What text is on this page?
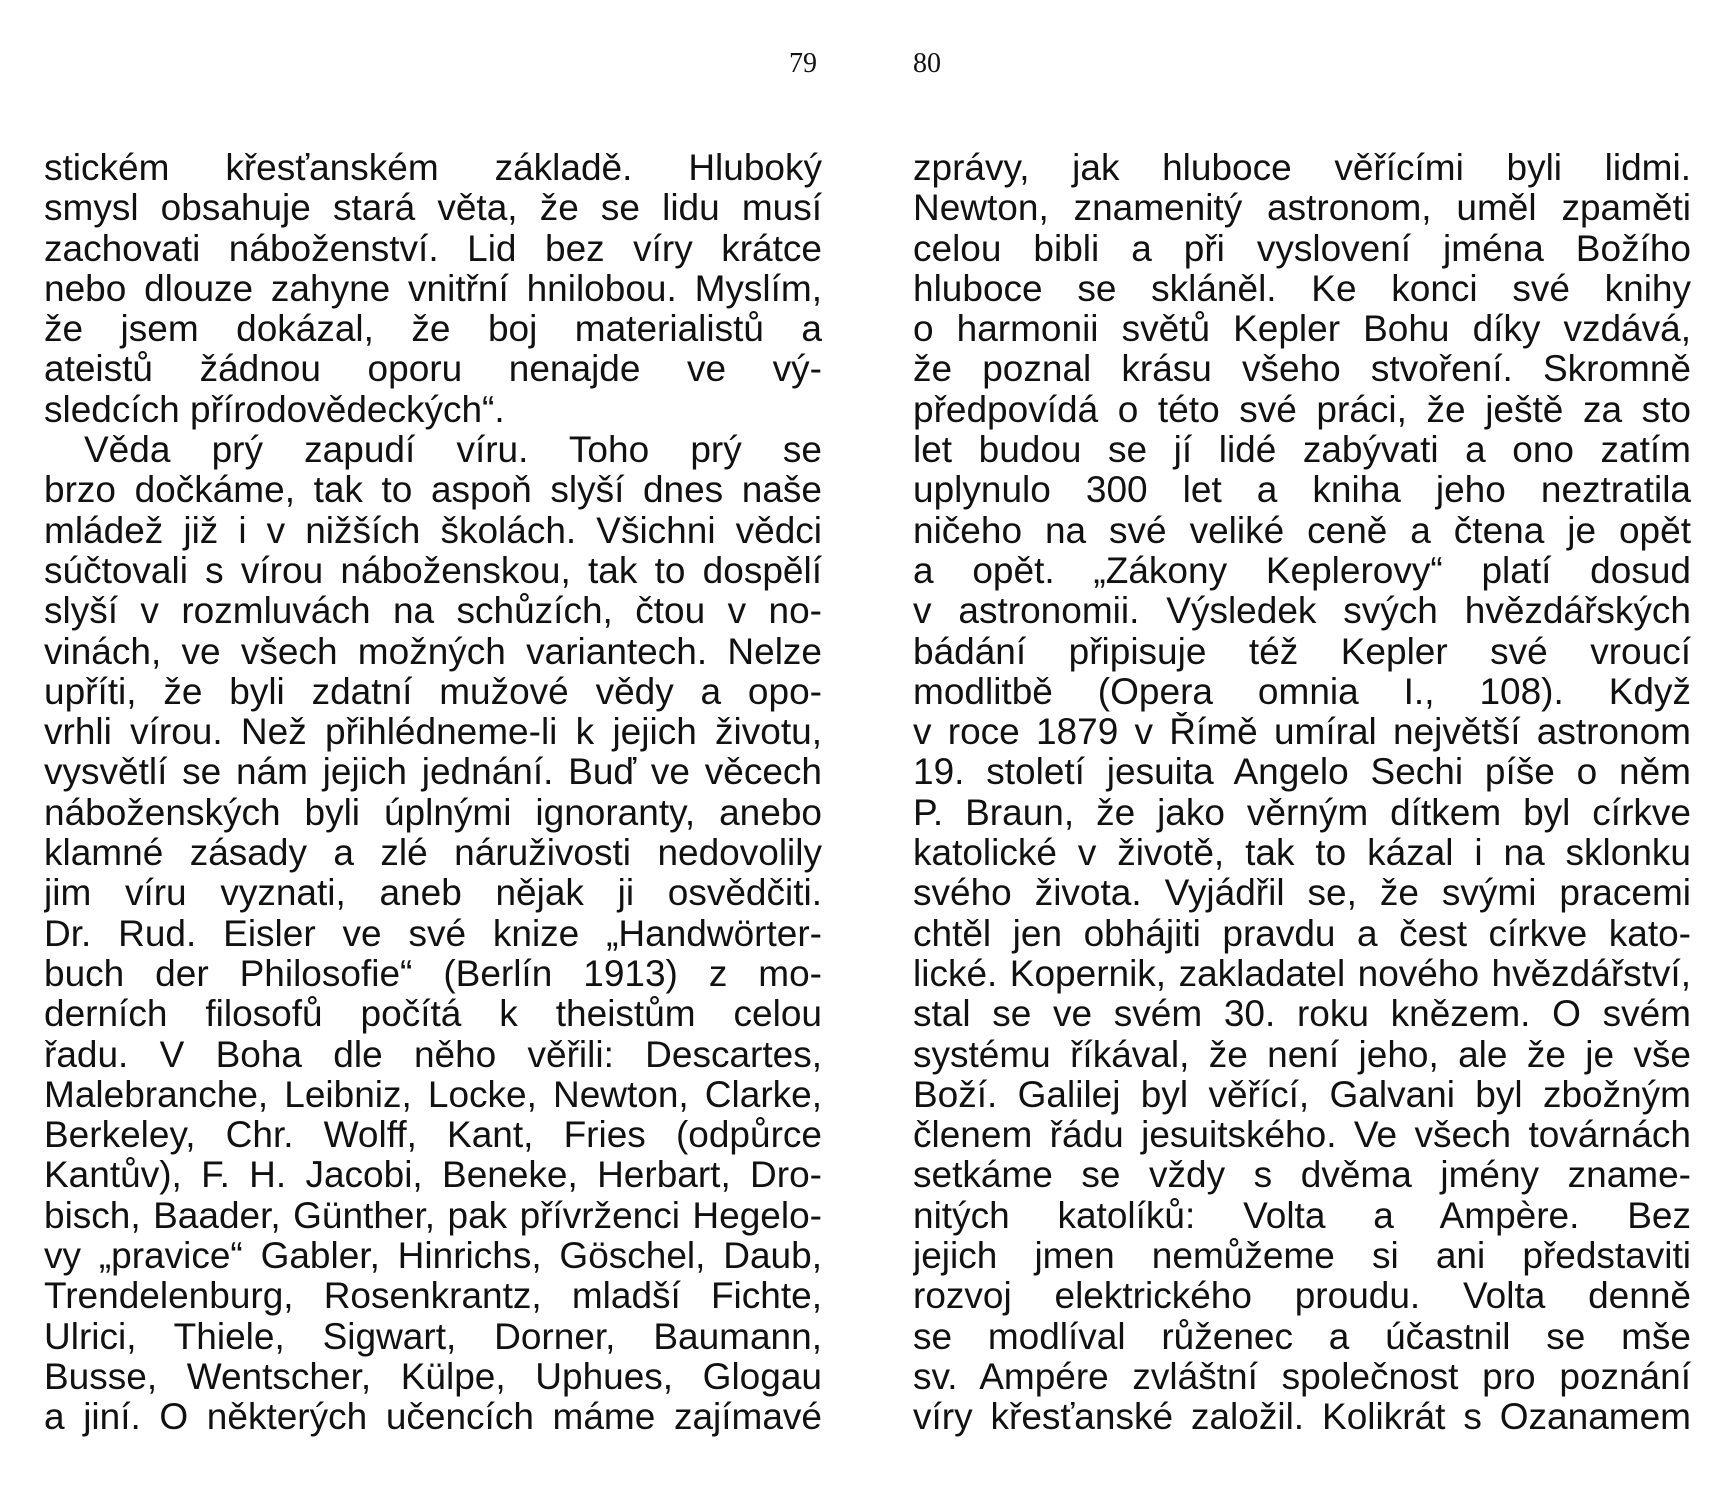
79	80
stickém křesťanském základě. Hluboký
smysl obsahuje stará věta, že se lidu musí
zachovati náboženství. Lid bez víry krátce
nebo dlouze zahyne vnitřní hnilobou. Myslím,
že jsem dokázal, že boj materialistů a
ateistů žádnou oporu nenajde ve vý-
sledcích přírodovědeckých“.
Věda prý zapudí víru. Toho prý se
brzo dočkáme, tak to aspoň slyší dnes naše
mládež již i v nižších školách. Všichni vědci
súčtovali s vírou náboženskou, tak to dospělí
slyší v rozmluvách na schůzích, čtou v no-
vinách, ve všech možných variantech. Nelze
upříti, že byli zdatní mužové vědy a opo-
vrhli vírou. Než přihlédneme-li k jejich životu,
vysvětlí se nám jejich jednání. Buď ve věcech
náboženských byli úplnými ignoranty, anebo
klamné zásady a zlé náruživosti nedovolily
jim víru vyznati, aneb nějak ji osvědčiti.
Dr. Rud. Eisler ve své knize „Handwörter-
buch der Philosofie“ (Berlín 1913) z mo-
derních filosofů počítá k theistům celou
řadu. V Boha dle něho věřili: Descartes,
Malebranche, Leibniz, Locke, Newton, Clarke,
Berkeley, Chr. Wolff, Kant, Fries (odpůrce
Kantův), F. H. Jacobi, Beneke, Herbart, Dro-
bisch, Baader, Günther, pak přívrženci Hegelo-
vy „pravice“ Gabler, Hinrichs, Göschel, Daub,
Trendelenburg, Rosenkrantz, mladší Fichte,
Ulrici, Thiele, Sigwart, Dorner, Baumann,
Busse, Wentscher, Külpe, Uphues, Glogau
a jiní. O některých učencích máme zajímavé
zprávy, jak hluboce věřícími byli lidmi.
Newton, znamenitý astronom, uměl zpaměti
celou bibli a při vyslovení jména Božího
hluboce se skláněl. Ke konci své knihy
o harmonii světů Kepler Bohu díky vzdává,
že poznal krásu všeho stvoření. Skromně
předpovídá o této své práci, že ještě za sto
let budou se jí lidé zabývati a ono zatím
uplynulo 300 let a kniha jeho neztratila
ničeho na své veliké ceně a čtena je opět
a opět. „Zákony Keplerovy“ platí dosud
v astronomii. Výsledek svých hvězdářských
bádání připisuje též Kepler své vroucí
modlitbě (Opera omnia I., 108). Když
v roce 1879 v Římě umíral největší astronom
19. století jesuita Angelo Sechi píše o něm
P. Braun, že jako věrným dítkem byl církve
katolické v životě, tak to kázal i na sklonku
svého života. Vyjádřil se, že svými pracemi
chtěl jen obhájiti pravdu a čest církve kato-
lické. Kopernik, zakladatel nového hvězdářství,
stal se ve svém 30. roku knězem. O svém
systému říkával, že není jeho, ale že je vše
Boží. Galilej byl věřící, Galvani byl zbožným
členem řádu jesuitského. Ve všech továrnách
setkáme se vždy s dvěma jmény zname-
nitých katolíků: Volta a Ampère. Bez
jejich jmen nemůžeme si ani představiti
rozvoj elektrického proudu. Volta denně
se modlíval růženec a účastnil se mše
sv. Ampére zvláštní společnost pro poznání
víry křesťanské založil. Kolikrát s Ozanamem
